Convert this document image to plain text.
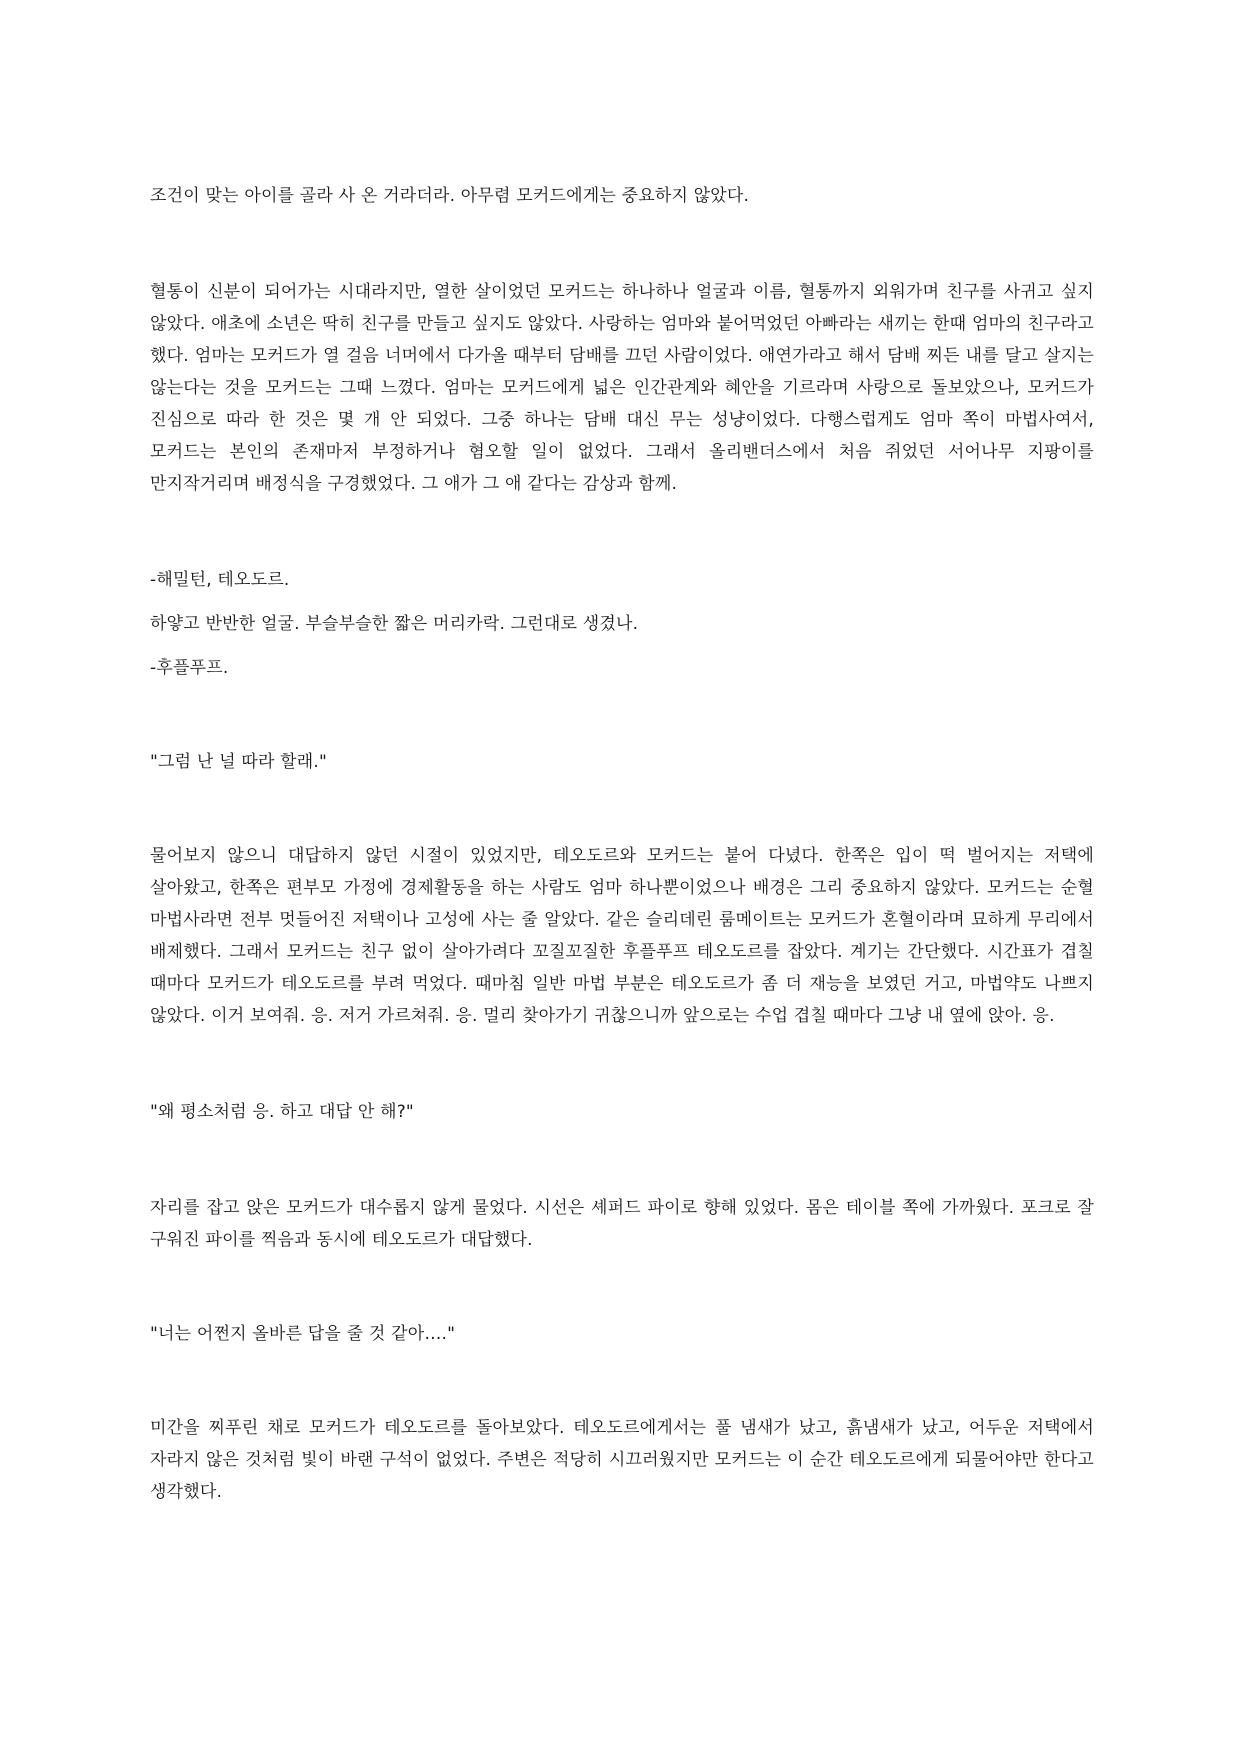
조건이 맞는 아이를 골라 사 온 거라더라. 아무렴 모커드에게는 중요하지 않았다.

혈통이 신분이 되어가는 시대라지만, 열한 살이었던 모커드는 하나하나 얼굴과 이름, 혈통까지 외워가며 친구를 사귀고 싶지 않았다. 애초에 소년은 딱히 친구를 만들고 싶지도 않았다. 사랑하는 엄마와 붙어먹었던 아빠라는 새끼는 한때 엄마의 친구라고 했다. 엄마는 모커드가 열 걸음 너머에서 다가올 때부터 담배를 끄던 사람이었다. 애연가라고 해서 담배 찌든 내를 달고 살지는 않는다는 것을 모커드는 그때 느꼈다. 엄마는 모커드에게 넓은 인간관계와 혜안을 기르라며 사랑으로 돌보았으나, 모커드가 진심으로 따라 한 것은 몇 개 안 되었다. 그중 하나는 담배 대신 무는 성냥이었다. 다행스럽게도 엄마 쪽이 마법사여서, 모커드는 본인의 존재마저 부정하거나 혐오할 일이 없었다. 그래서 올리밴더스에서 처음 쥐었던 서어나무 지팡이를 만지작거리며 배정식을 구경했었다. 그 애가 그 애 같다는 감상과 함께.

-해밀턴, 테오도르.

하얗고 반반한 얼굴. 부슬부슬한 짧은 머리카락. 그런대로 생겼나.

-후플푸프.

"그럼 난 널 따라 할래."

물어보지 않으니 대답하지 않던 시절이 있었지만, 테오도르와 모커드는 붙어 다녔다. 한쪽은 입이 떡 벌어지는 저택에 살아왔고, 한쪽은 편부모 가정에 경제활동을 하는 사람도 엄마 하나뿐이었으나 배경은 그리 중요하지 않았다. 모커드는 순혈 마법사라면 전부 멋들어진 저택이나 고성에 사는 줄 알았다. 같은 슬리데린 룸메이트는 모커드가 혼혈이라며 묘하게 무리에서 배제했다. 그래서 모커드는 친구 없이 살아가려다 꼬질꼬질한 후플푸프 테오도르를 잡았다. 계기는 간단했다. 시간표가 겹칠 때마다 모커드가 테오도르를 부려 먹었다. 때마침 일반 마법 부분은 테오도르가 좀 더 재능을 보였던 거고, 마법약도 나쁘지 않았다. 이거 보여줘. 응. 저거 가르쳐줘. 응. 멀리 찾아가기 귀찮으니까 앞으로는 수업 겹칠 때마다 그냥 내 옆에 앉아. 응.

"왜 평소처럼 응. 하고 대답 안 해?"

자리를 잡고 앉은 모커드가 대수롭지 않게 물었다. 시선은 셰퍼드 파이로 향해 있었다. 몸은 테이블 쪽에 가까웠다. 포크로 잘 구워진 파이를 찍음과 동시에 테오도르가 대답했다.

"너는 어쩐지 올바른 답을 줄 것 같아…."

미간을 찌푸린 채로 모커드가 테오도르를 돌아보았다. 테오도르에게서는 풀 냄새가 났고, 흙냄새가 났고, 어두운 저택에서 자라지 않은 것처럼 빛이 바랜 구석이 없었다. 주변은 적당히 시끄러웠지만 모커드는 이 순간 테오도르에게 되물어야만 한다고 생각했다.
